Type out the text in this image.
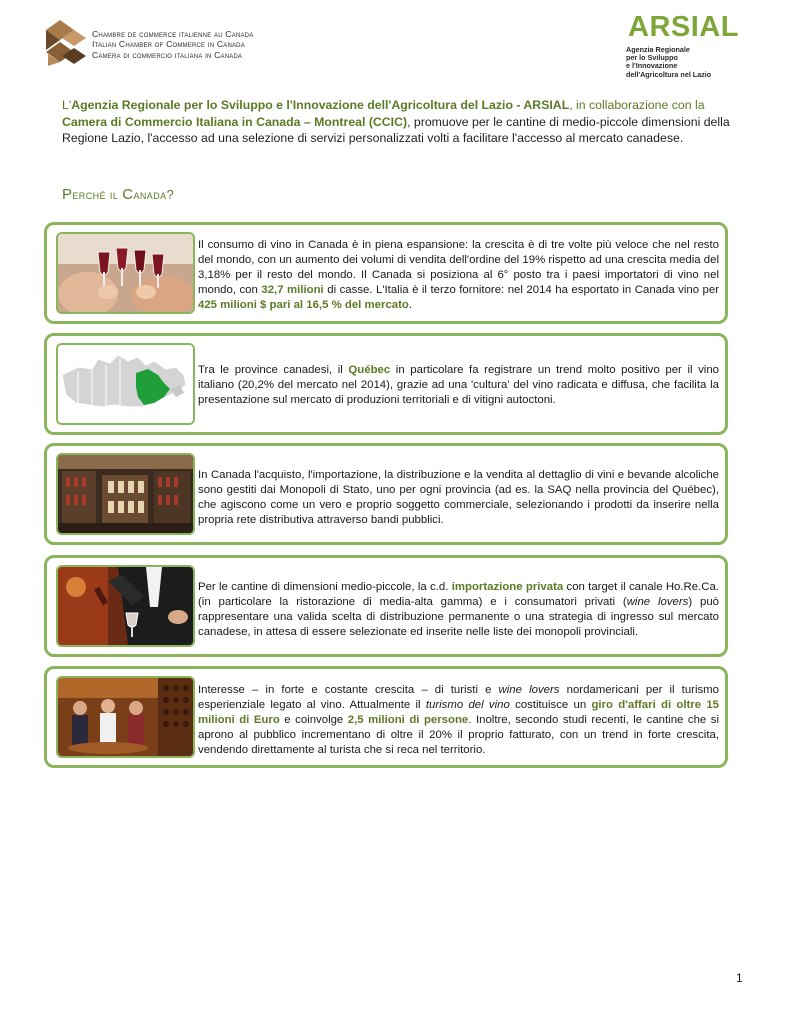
Chambre de commerce italienne au Canada
Italian Chamber of Commerce in Canada
Camera di commercio italiana in Canada
ARSIAL
Agenzia Regionale
per lo Sviluppo
e l'Innovazione
dell'Agricoltura nel Lazio

L'Agenzia Regionale per lo Sviluppo e l'Innovazione dell'Agricoltura del Lazio - ARSIAL, in collaborazione con la Camera di Commercio Italiana in Canada – Montreal (CCIC), promuove per le cantine di medio-piccole dimensioni della Regione Lazio, l'accesso ad una selezione di servizi personalizzati volti a facilitare l'accesso al mercato canadese.

Perché il Canada?

Il consumo di vino in Canada è in piena espansione: la crescita è di tre volte più veloce che nel resto del mondo, con un aumento dei volumi di vendita dell'ordine del 19% rispetto ad una crescita media del 3,18% per il resto del mondo. Il Canada si posiziona al 6° posto tra i paesi importatori di vino nel mondo, con 32,7 milioni di casse. L'Italia è il terzo fornitore: nel 2014 ha esportato in Canada vino per 425 milioni $ pari al 16,5 % del mercato.

Tra le province canadesi, il Québec in particolare fa registrare un trend molto positivo per il vino italiano (20,2% del mercato nel 2014), grazie ad una 'cultura' del vino radicata e diffusa, che facilita la presentazione sul mercato di produzioni territoriali e di vitigni autoctoni.

In Canada l'acquisto, l'importazione, la distribuzione e la vendita al dettaglio di vini e bevande alcoliche sono gestiti dai Monopoli di Stato, uno per ogni provincia (ad es. la SAQ nella provincia del Québec), che agiscono come un vero e proprio soggetto commerciale, selezionando i prodotti da inserire nella propria rete distributiva attraverso bandi pubblici.

Per le cantine di dimensioni medio-piccole, la c.d. importazione privata con target il canale Ho.Re.Ca. (in particolare la ristorazione di media-alta gamma) e i consumatori privati (wine lovers) può rappresentare una valida scelta di distribuzione permanente o una strategia di ingresso sul mercato canadese, in attesa di essere selezionate ed inserite nelle liste dei monopoli provinciali.

Interesse – in forte e costante crescita – di turisti e wine lovers nordamericani per il turismo esperienziale legato al vino. Attualmente il turismo del vino costituisce un giro d'affari di oltre 15 milioni di Euro e coinvolge 2,5 milioni di persone. Inoltre, secondo studi recenti, le cantine che si aprono al pubblico incrementano di oltre il 20% il proprio fatturato, con un trend in forte crescita, vendendo direttamente al turista che si reca nel territorio.

1
